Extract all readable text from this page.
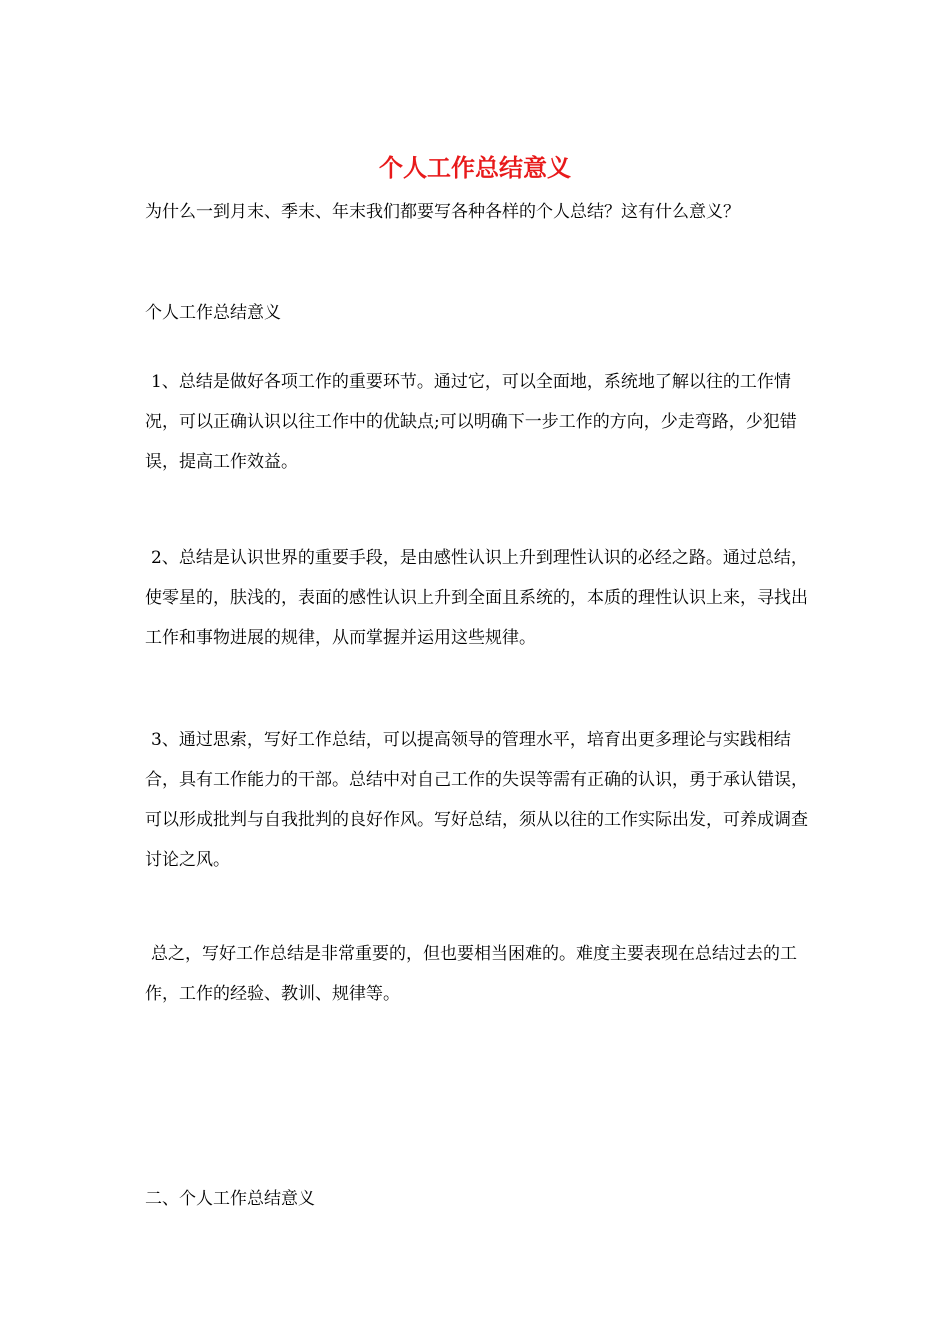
个人工作总结意义
为什么一到月末、季末、年末我们都要写各种各样的个人总结？这有什么意义？
个人工作总结意义
1、总结是做好各项工作的重要环节。通过它，可以全面地，系统地了解以往的工作情况，可以正确认识以往工作中的优缺点;可以明确下一步工作的方向，少走弯路，少犯错误，提高工作效益。
2、总结是认识世界的重要手段，是由感性认识上升到理性认识的必经之路。通过总结，使零星的，肤浅的，表面的感性认识上升到全面且系统的，本质的理性认识上来，寻找出工作和事物进展的规律，从而掌握并运用这些规律。
3、通过思索，写好工作总结，可以提高领导的管理水平，培育出更多理论与实践相结合，具有工作能力的干部。总结中对自己工作的失误等需有正确的认识，勇于承认错误，可以形成批判与自我批判的良好作风。写好总结，须从以往的工作实际出发，可养成调查讨论之风。
总之，写好工作总结是非常重要的，但也要相当困难的。难度主要表现在总结过去的工作，工作的经验、教训、规律等。
二、个人工作总结意义
